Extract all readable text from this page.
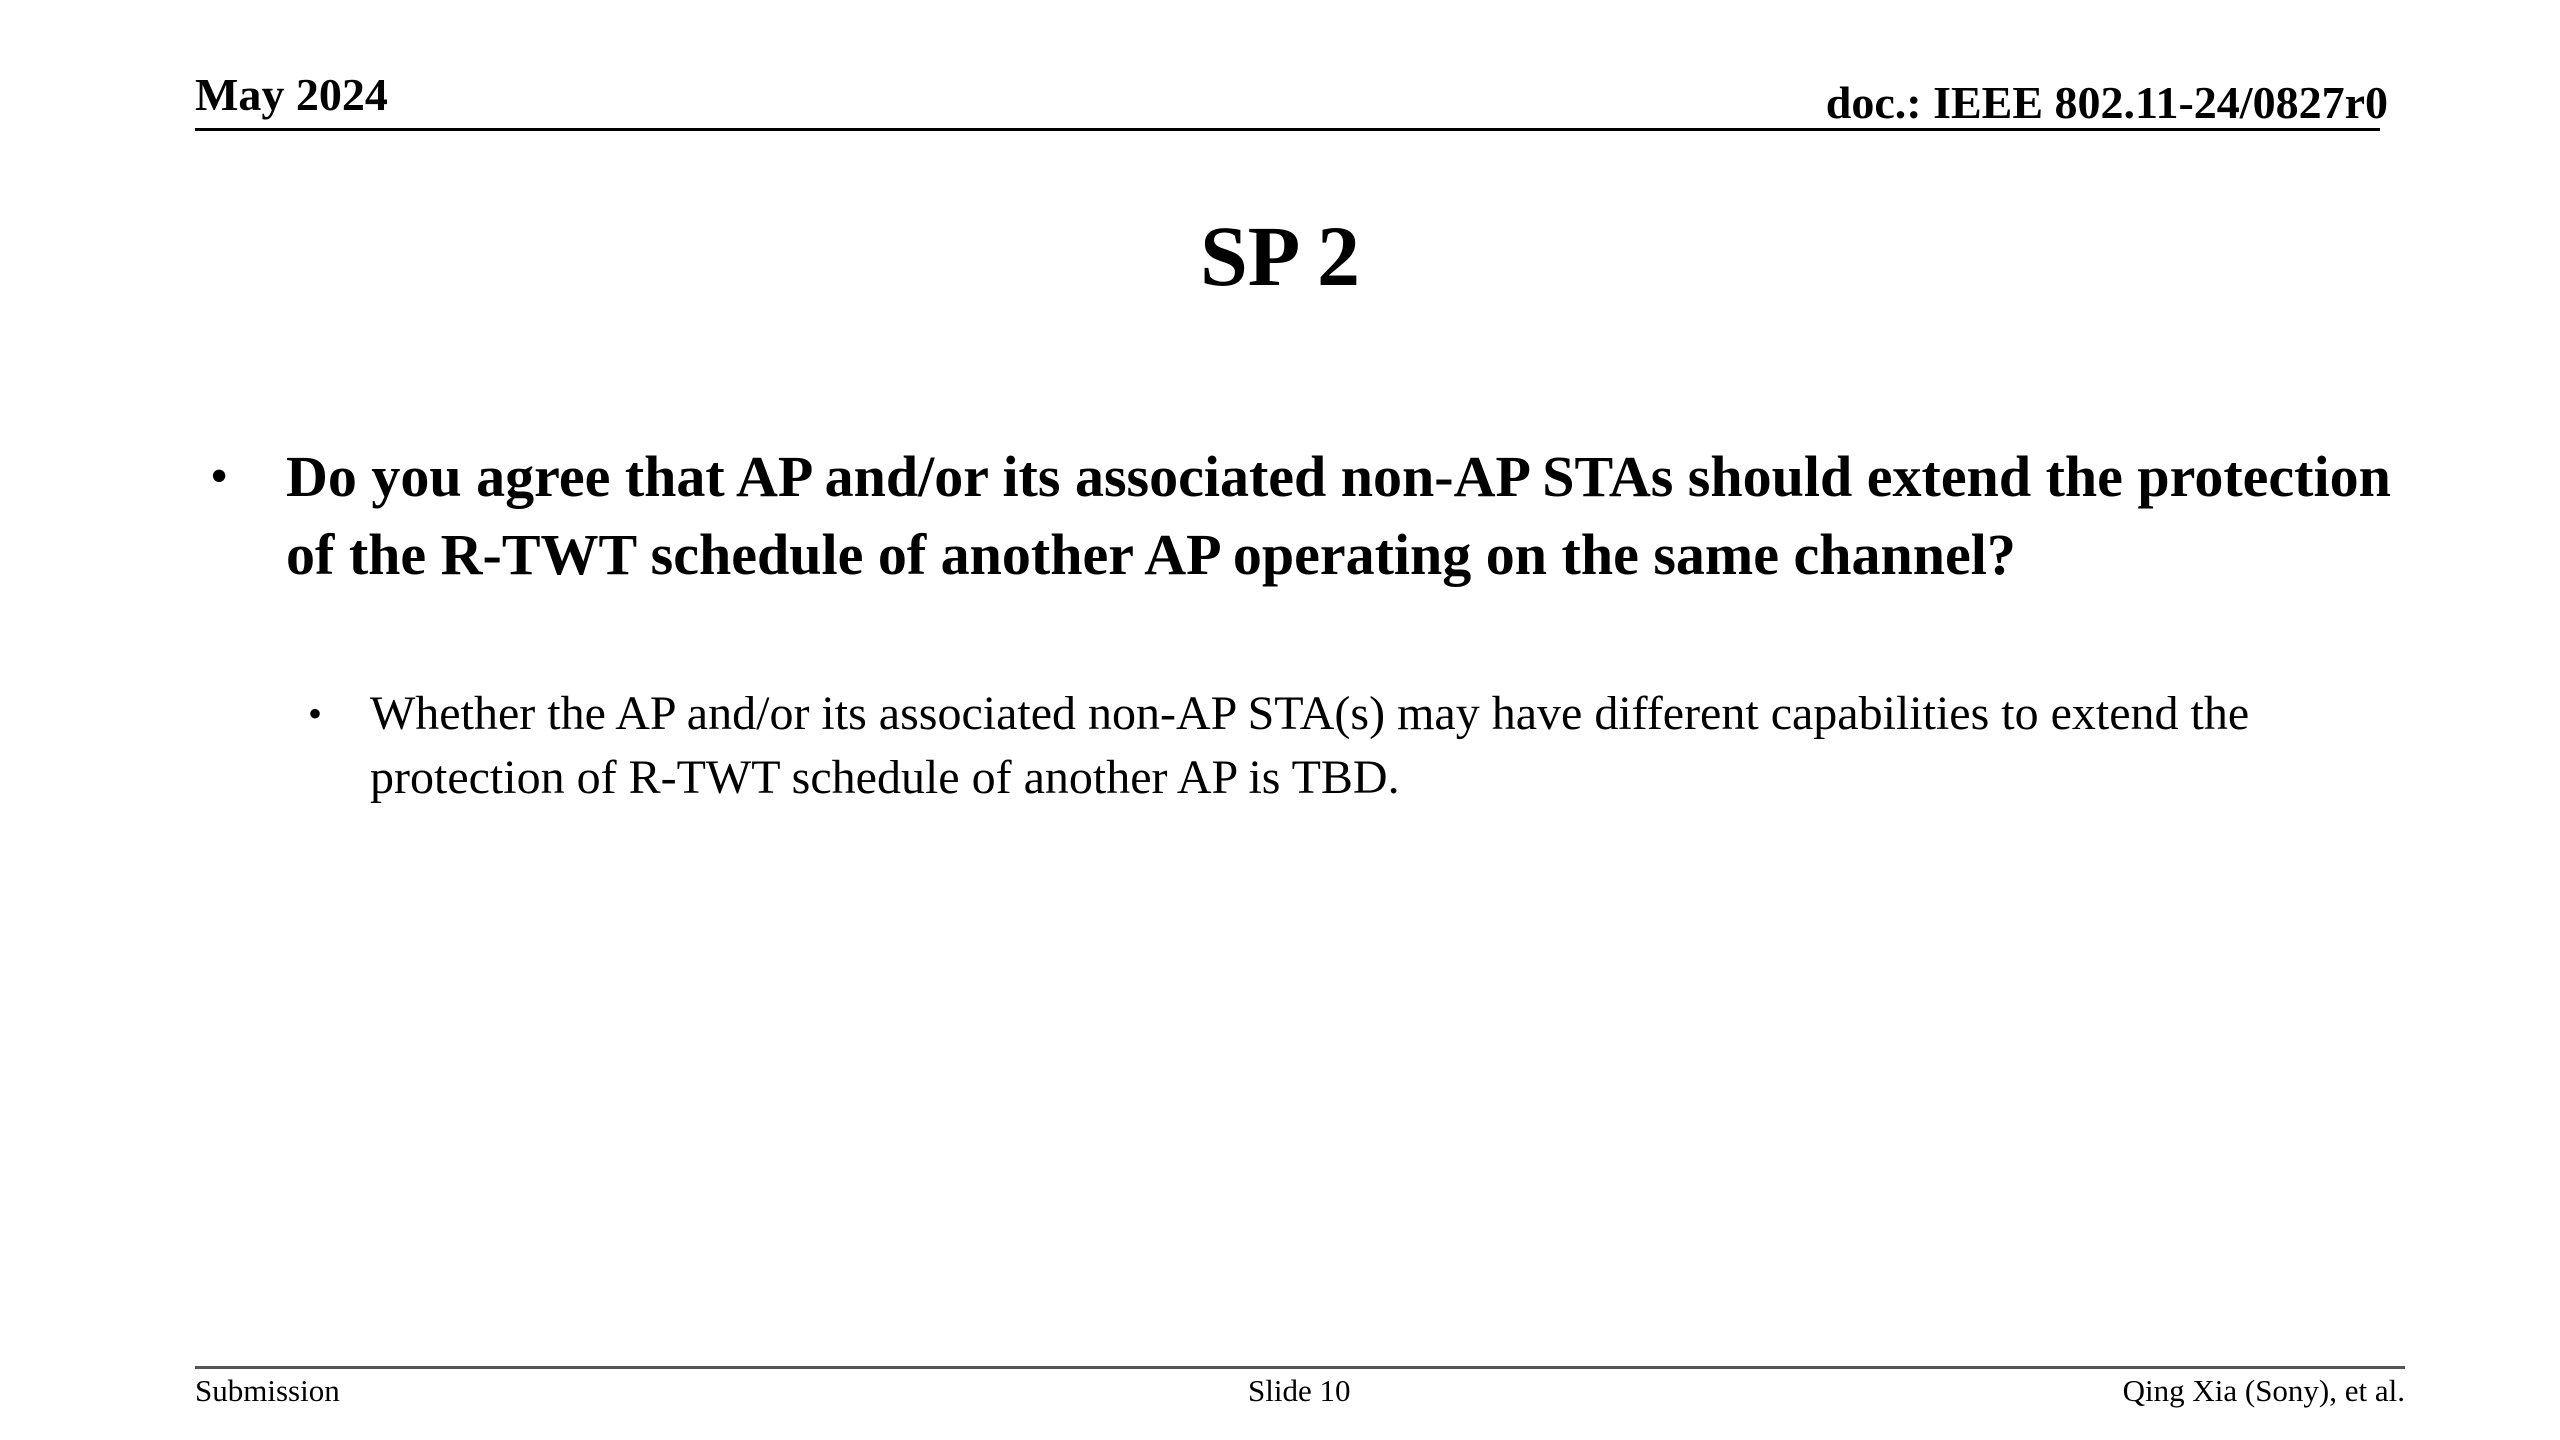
May 2024	doc.: IEEE 802.11-24/0827r0
SP 2
• Do you agree that AP and/or its associated non-AP STAs should extend the protection of the R-TWT schedule of another AP operating on the same channel?
• Whether the AP and/or its associated non-AP STA(s) may have different capabilities to extend the protection of R-TWT schedule of another AP is TBD.
Submission	Slide 10	Qing Xia (Sony), et al.
